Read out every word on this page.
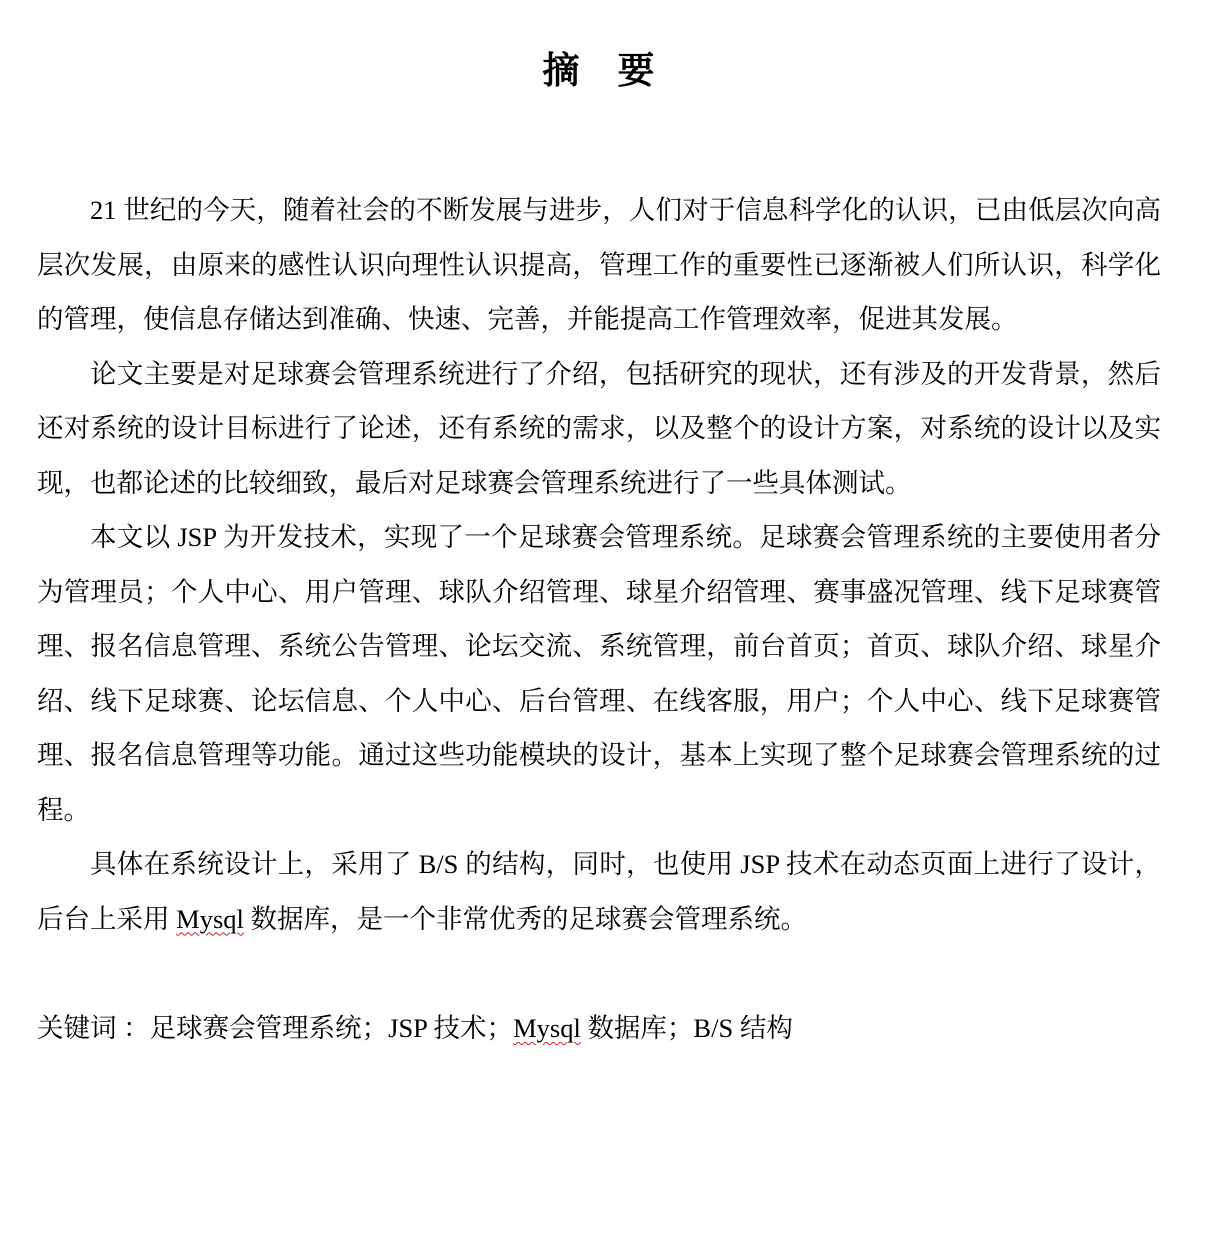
摘 要

21 世纪的今天，随着社会的不断发展与进步，人们对于信息科学化的认识，已由低层次向高层次发展，由原来的感性认识向理性认识提高，管理工作的重要性已逐渐被人们所认识，科学化的管理，使信息存储达到准确、快速、完善，并能提高工作管理效率，促进其发展。

论文主要是对足球赛会管理系统进行了介绍，包括研究的现状，还有涉及的开发背景，然后还对系统的设计目标进行了论述，还有系统的需求，以及整个的设计方案，对系统的设计以及实现，也都论述的比较细致，最后对足球赛会管理系统进行了一些具体测试。

本文以 JSP 为开发技术，实现了一个足球赛会管理系统。足球赛会管理系统的主要使用者分为管理员；个人中心、用户管理、球队介绍管理、球星介绍管理、赛事盛况管理、线下足球赛管理、报名信息管理、系统公告管理、论坛交流、系统管理，前台首页；首页、球队介绍、球星介绍、线下足球赛、论坛信息、个人中心、后台管理、在线客服，用户；个人中心、线下足球赛管理、报名信息管理等功能。通过这些功能模块的设计，基本上实现了整个足球赛会管理系统的过程。

具体在系统设计上，采用了 B/S 的结构，同时，也使用 JSP 技术在动态页面上进行了设计，后台上采用 Mysql 数据库，是一个非常优秀的足球赛会管理系统。

关键词 ：足球赛会管理系统；JSP 技术；Mysql 数据库；B/S 结构
